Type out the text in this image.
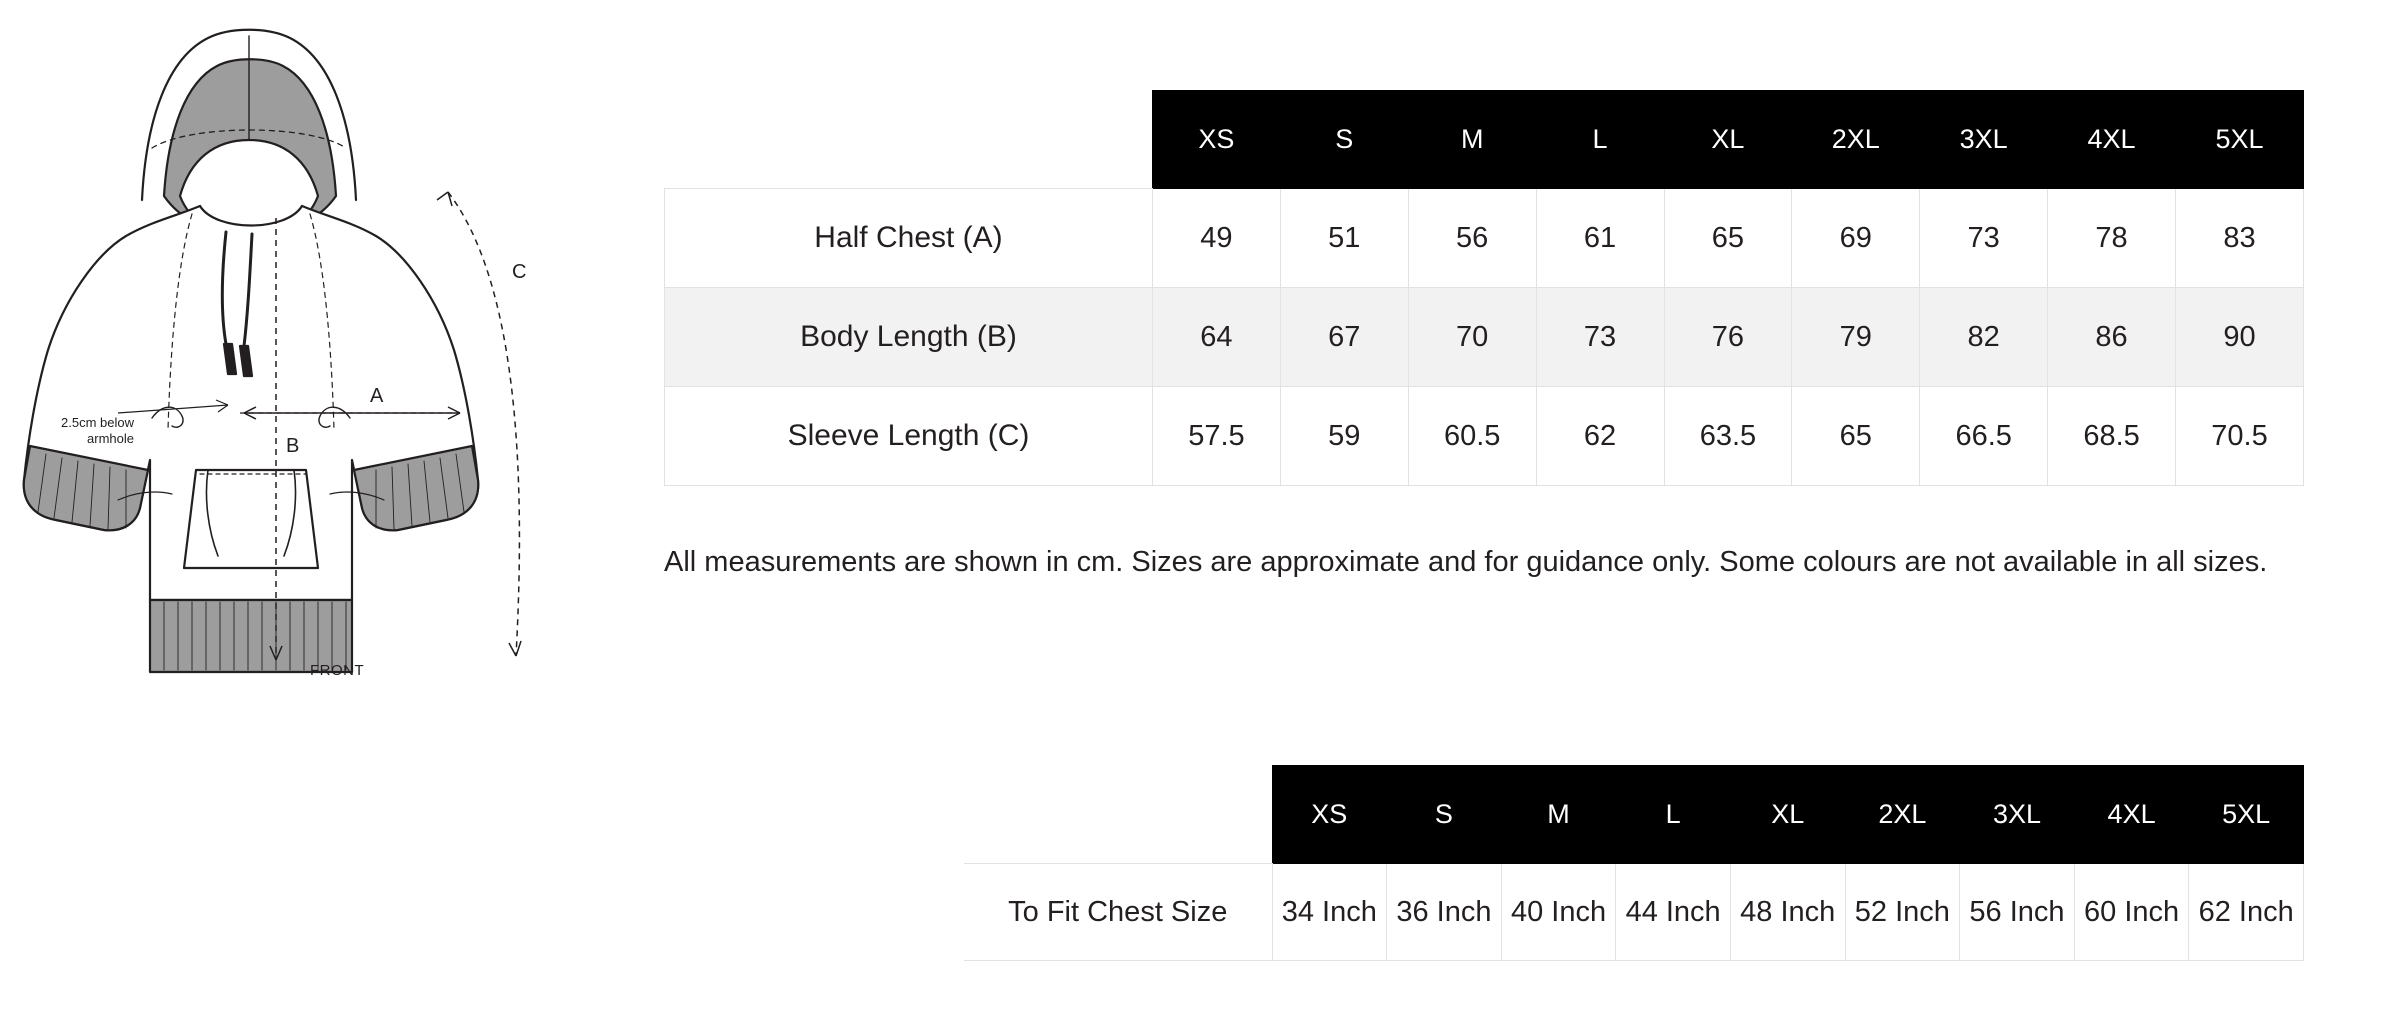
A
B
C
2.5cm below armhole
FRONT
	XS	S	M	L	XL	2XL	3XL	4XL	5XL
Half Chest (A)	49	51	56	61	65	69	73	78	83
Body Length (B)	64	67	70	73	76	79	82	86	90
Sleeve Length (C)	57.5	59	60.5	62	63.5	65	66.5	68.5	70.5

All measurements are shown in cm. Sizes are approximate and for guidance only. Some colours are not available in all sizes.

	XS	S	M	L	XL	2XL	3XL	4XL	5XL
To Fit Chest Size	34 Inch	36 Inch	40 Inch	44 Inch	48 Inch	52 Inch	56 Inch	60 Inch	62 Inch
